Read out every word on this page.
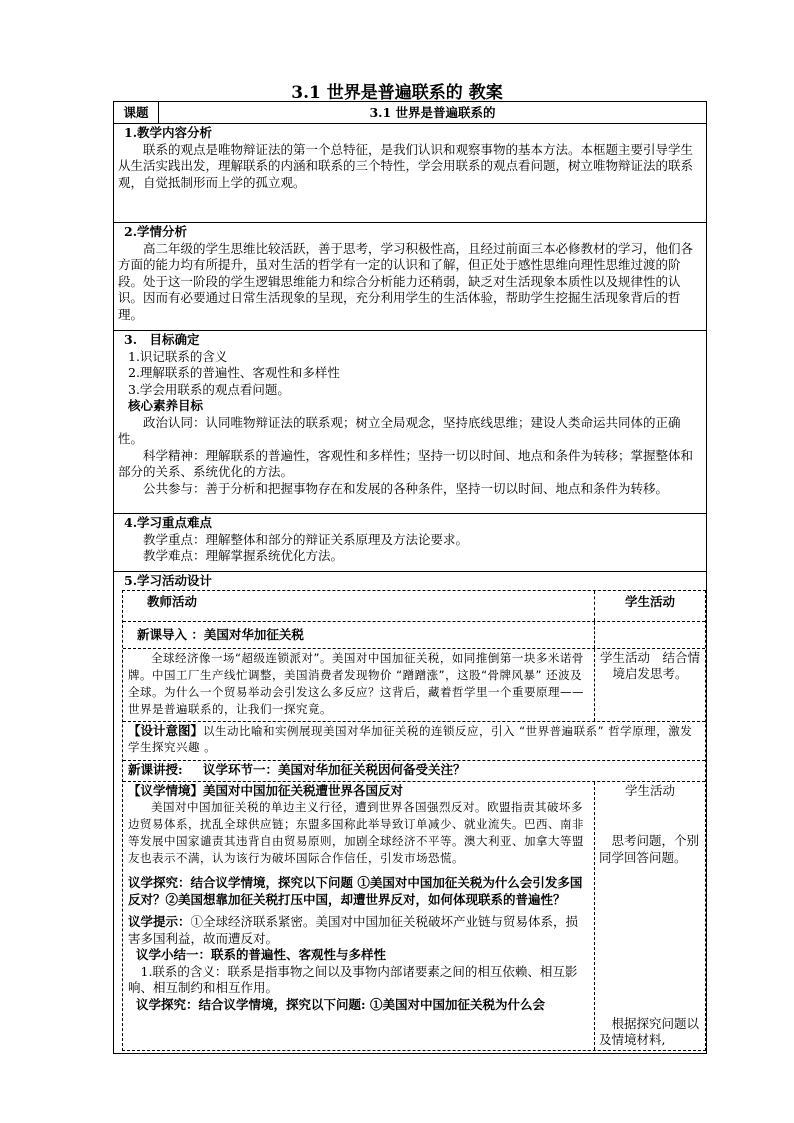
3.1 世界是普遍联系的 教案
课题	3.1 世界是普遍联系的
1.教学内容分析
联系的观点是唯物辩证法的第一个总特征，是我们认识和观察事物的基本方法。本框题主要引导学生从生活实践出发，理解联系的内涵和联系的三个特性，学会用联系的观点看问题，树立唯物辩证法的联系观，自觉抵制形而上学的孤立观。
2.学情分析
高二年级的学生思维比较活跃，善于思考，学习积极性高，且经过前面三本必修教材的学习，他们各方面的能力均有所提升，虽对生活的哲学有一定的认识和了解，但正处于感性思维向理性思维过渡的阶段。处于这一阶段的学生逻辑思维能力和综合分析能力还稍弱，缺乏对生活现象本质性以及规律性的认识。因而有必要通过日常生活现象的呈现，充分利用学生的生活体验，帮助学生挖掘生活现象背后的哲理。
3.　目标确定
1.识记联系的含义
2.理解联系的普遍性、客观性和多样性
3.学会用联系的观点看问题。
核心素养目标
政治认同：认同唯物辩证法的联系观；树立全局观念，坚持底线思维；建设人类命运共同体的正确性。
科学精神：理解联系的普遍性，客观性和多样性；坚持一切以时间、地点和条件为转移；掌握整体和部分的关系、系统优化的方法。
公共参与：善于分析和把握事物存在和发展的各种条件，坚持一切以时间、地点和条件为转移。
4.学习重点难点
教学重点：理解整体和部分的辩证关系原理及方法论要求。
教学难点：理解掌握系统优化方法。
5.学习活动设计
教师活动	学生活动
新课导入 ：美国对华加征关税
全球经济像一场“超级连锁派对”。美国对中国加征关税，如同推倒第一块多米诺骨牌。中国工厂生产线忙调整，美国消费者发现物价 “蹭蹭涨”，这股“骨牌风暴” 还波及全球。为什么一个贸易举动会引发这么多反应？这背后，藏着哲学里一个重要原理——世界是普遍联系的，让我们一探究竟。
学生活动　结合情境启发思考。
【设计意图】以生动比喻和实例展现美国对华加征关税的连锁反应，引入 “世界普遍联系” 哲学原理，激发学生探究兴趣 。
新课讲授: 议学环节一：美国对华加征关税因何备受关注？
【议学情境】美国对中国加征关税遭世界各国反对
美国对中国加征关税的单边主义行径，遭到世界各国强烈反对。欧盟指责其破坏多边贸易体系，扰乱全球供应链；东盟多国称此举导致订单减少、就业流失。巴西、南非等发展中国家谴责其违背自由贸易原则，加剧全球经济不平等。澳大利亚、加拿大等盟友也表示不满，认为该行为破坏国际合作信任，引发市场恐慌。
议学探究：结合议学情境，探究以下问题 ①美国对中国加征关税为什么会引发多国反对？②美国想靠加征关税打压中国，却遭世界反对，如何体现联系的普遍性？
议学提示：①全球经济联系紧密。美国对中国加征关税破坏产业链与贸易体系，损害多国利益，故而遭反对。
议学小结一：联系的普遍性、客观性与多样性
1.联系的含义：联系是指事物之间以及事物内部诸要素之间的相互依赖、相互影响、相互制约和相互作用。
议学探究：结合议学情境，探究以下问题: ①美国对中国加征关税为什么会
学生活动
思考问题，个别同学回答问题。
根据探究问题以及情境材料,
